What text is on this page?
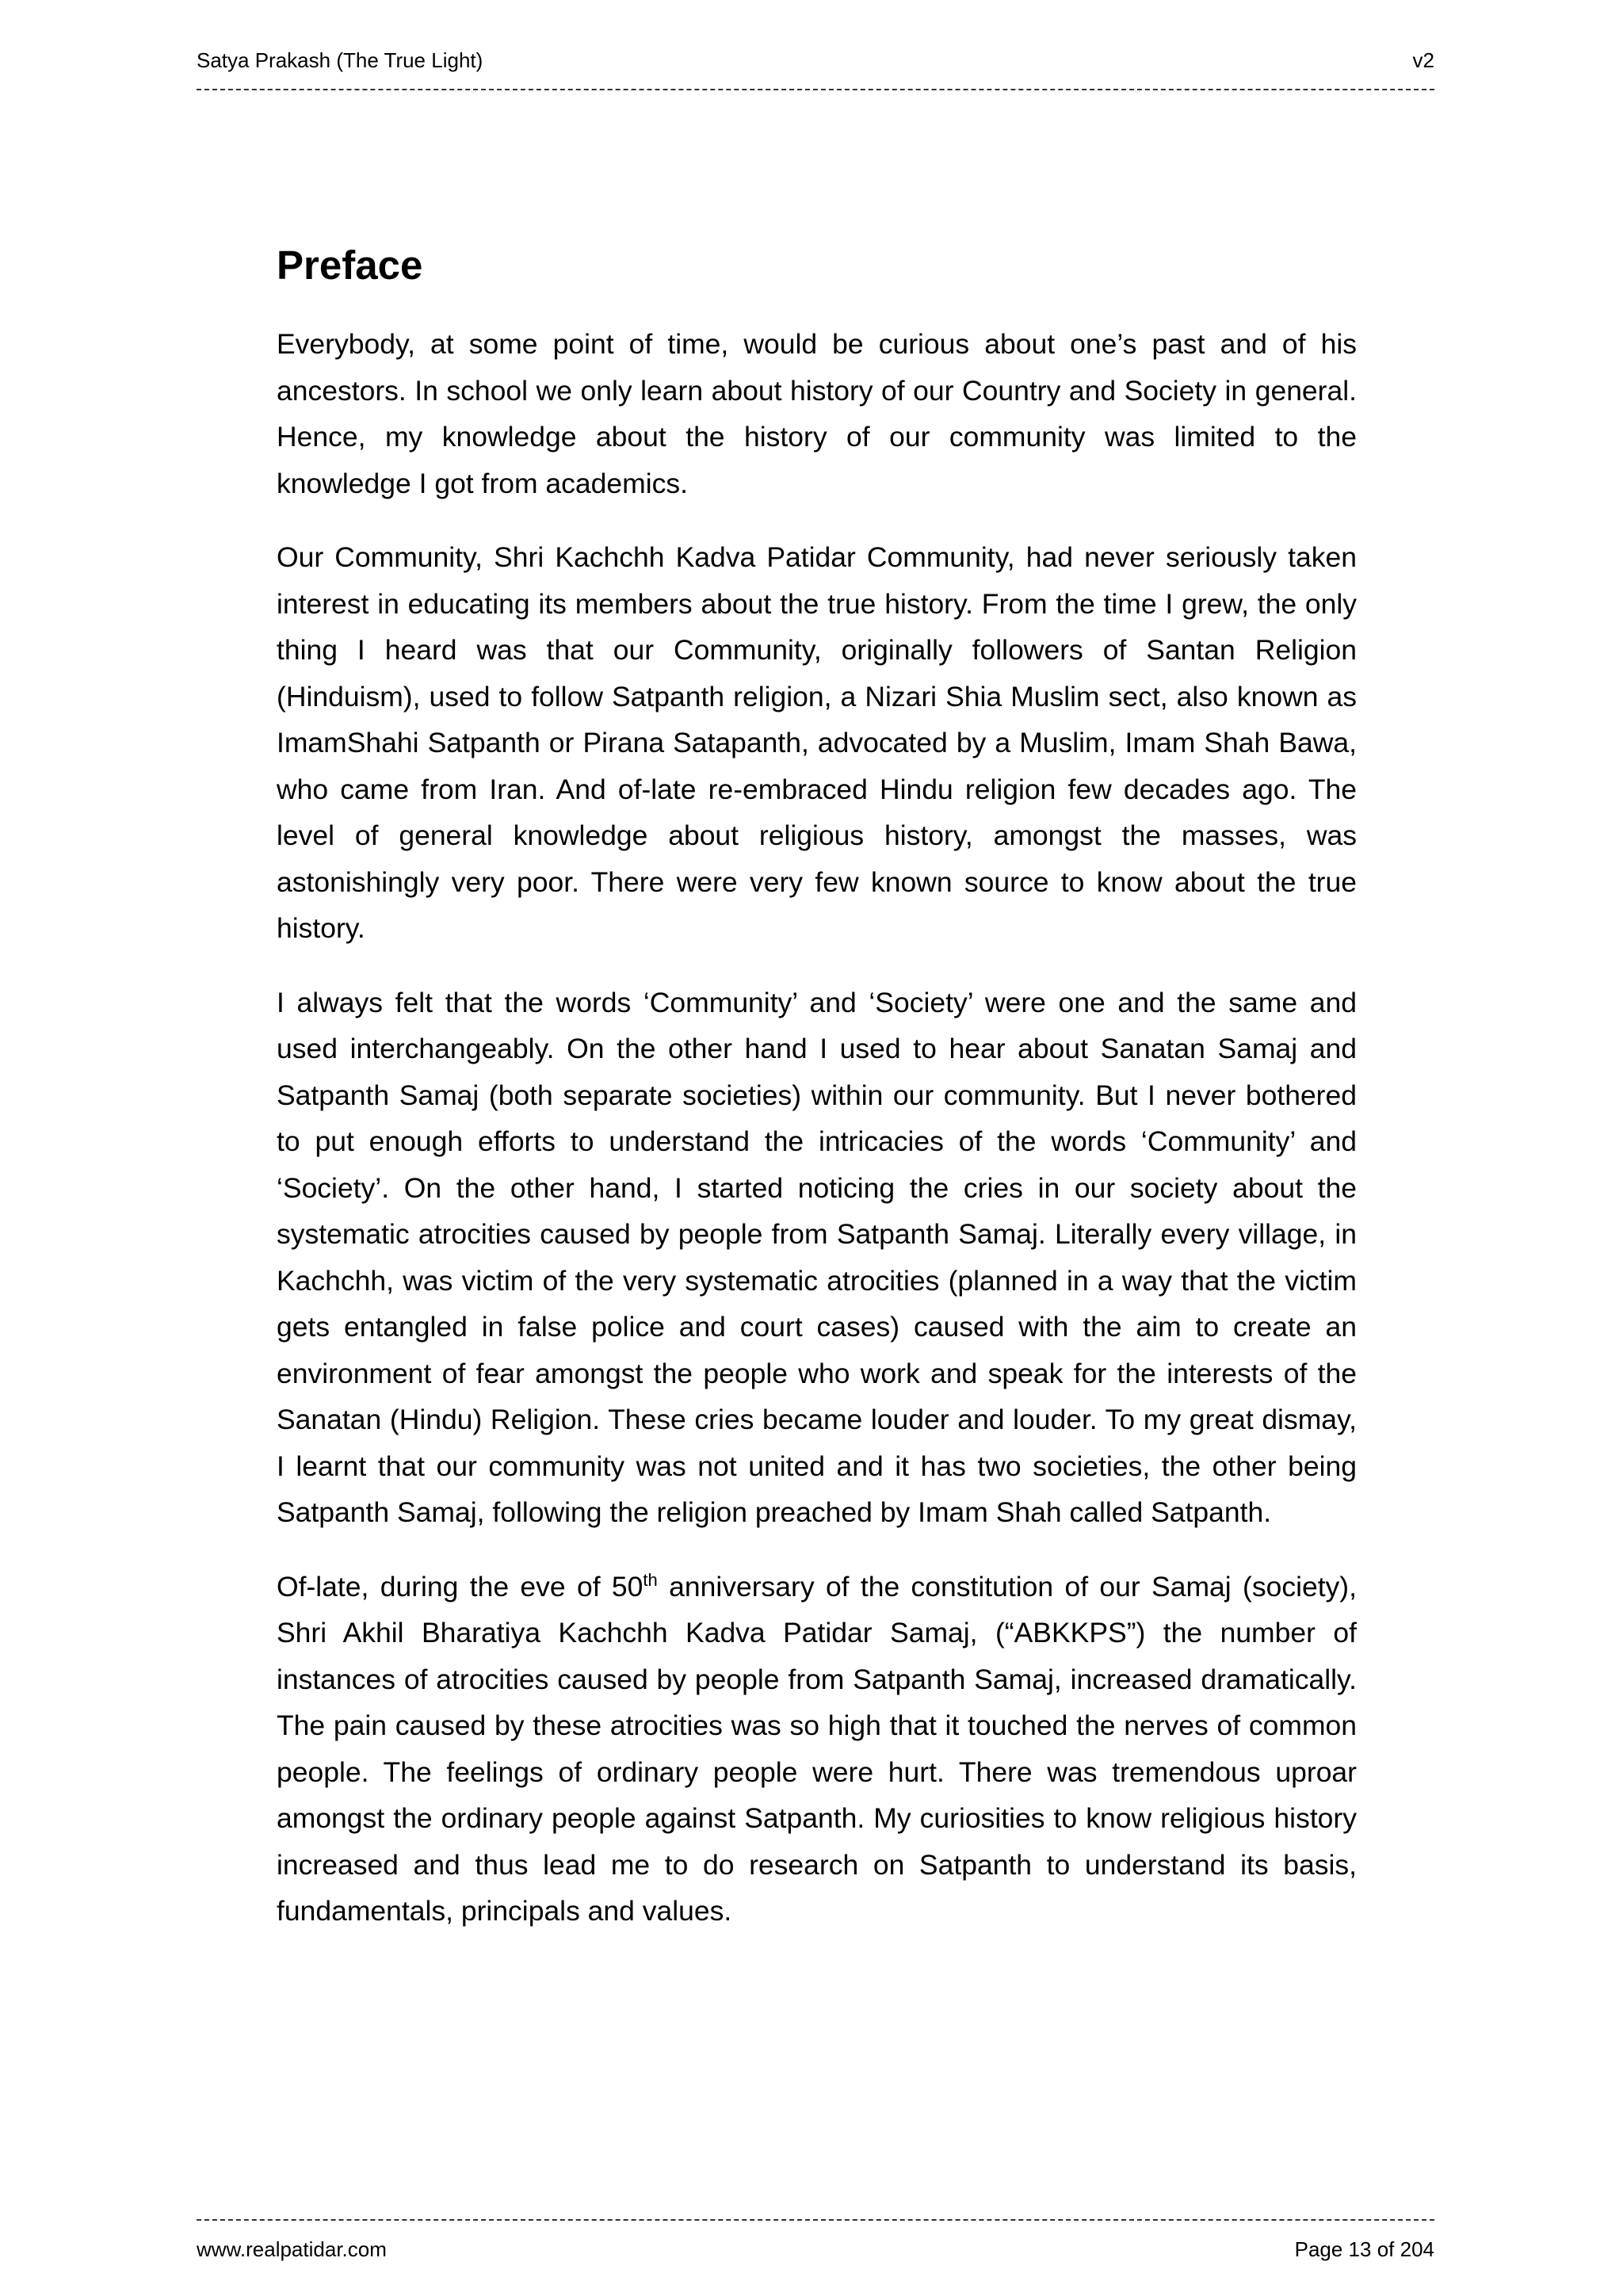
Satya Prakash (The True Light)	v2
Preface

Everybody, at some point of time, would be curious about one’s past and of his ancestors. In school we only learn about history of our Country and Society in general. Hence, my knowledge about the history of our community was limited to the knowledge I got from academics.

Our Community, Shri Kachchh Kadva Patidar Community, had never seriously taken interest in educating its members about the true history. From the time I grew, the only thing I heard was that our Community, originally followers of Santan Religion (Hinduism), used to follow Satpanth religion, a Nizari Shia Muslim sect, also known as ImamShahi Satpanth or Pirana Satapanth, advocated by a Muslim, Imam Shah Bawa, who came from Iran. And of-late re-embraced Hindu religion few decades ago. The level of general knowledge about religious history, amongst the masses, was astonishingly very poor. There were very few known source to know about the true history.

I always felt that the words ‘Community’ and ‘Society’ were one and the same and used interchangeably. On the other hand I used to hear about Sanatan Samaj and Satpanth Samaj (both separate societies) within our community. But I never bothered to put enough efforts to understand the intricacies of the words ‘Community’ and ‘Society’. On the other hand, I started noticing the cries in our society about the systematic atrocities caused by people from Satpanth Samaj. Literally every village, in Kachchh, was victim of the very systematic atrocities (planned in a way that the victim gets entangled in false police and court cases) caused with the aim to create an environment of fear amongst the people who work and speak for the interests of the Sanatan (Hindu) Religion. These cries became louder and louder. To my great dismay, I learnt that our community was not united and it has two societies, the other being Satpanth Samaj, following the religion preached by Imam Shah called Satpanth.

Of-late, during the eve of 50th anniversary of the constitution of our Samaj (society), Shri Akhil Bharatiya Kachchh Kadva Patidar Samaj, (“ABKKPS”) the number of instances of atrocities caused by people from Satpanth Samaj, increased dramatically. The pain caused by these atrocities was so high that it touched the nerves of common people. The feelings of ordinary people were hurt. There was tremendous uproar amongst the ordinary people against Satpanth. My curiosities to know religious history increased and thus lead me to do research on Satpanth to understand its basis, fundamentals, principals and values.

www.realpatidar.com	Page 13 of 204
